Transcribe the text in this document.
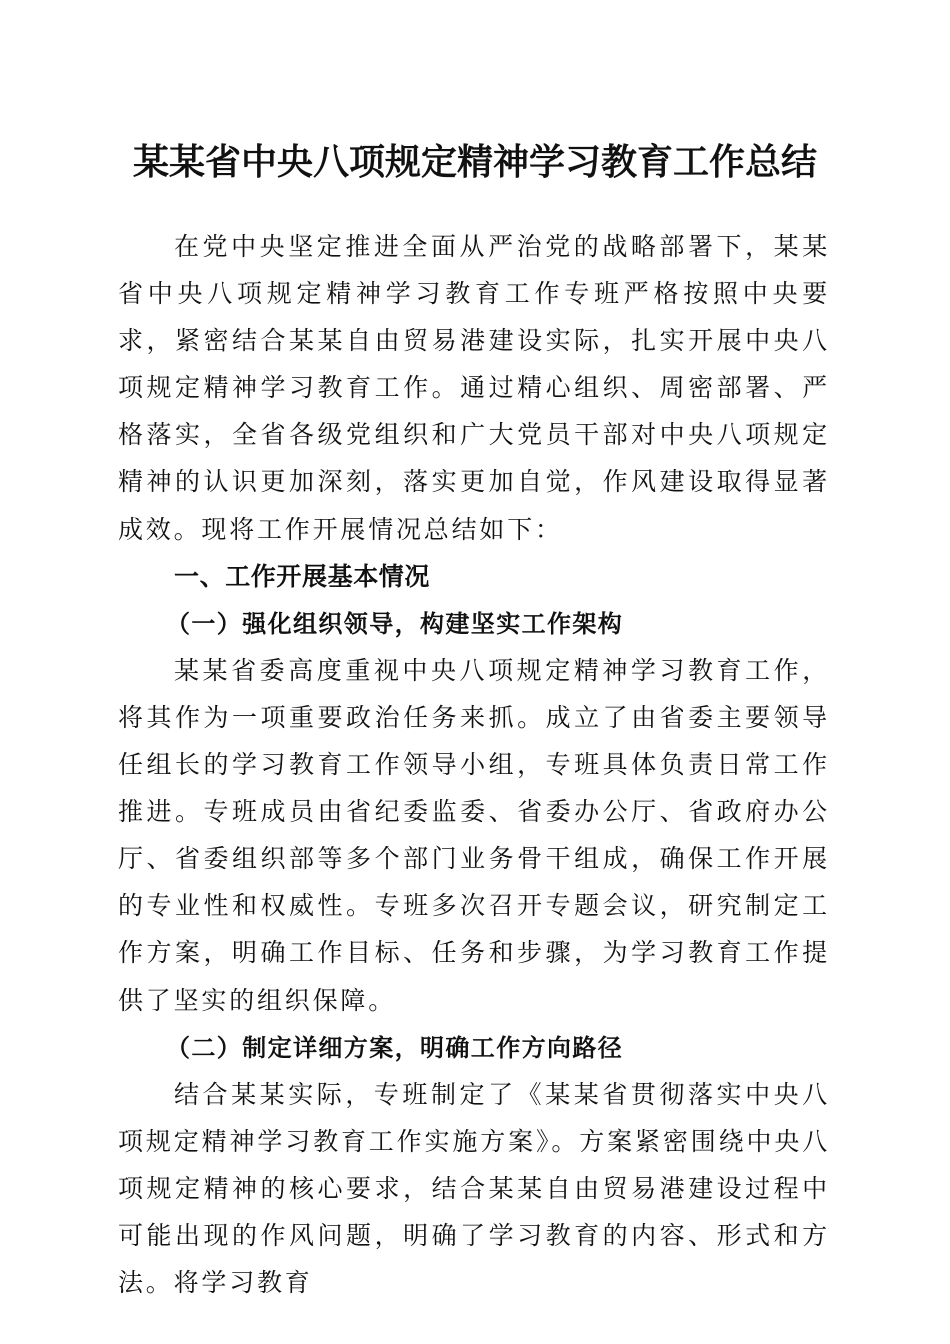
某某省中央八项规定精神学习教育工作总结

在党中央坚定推进全面从严治党的战略部署下，某某省中央八项规定精神学习教育工作专班严格按照中央要求，紧密结合某某自由贸易港建设实际，扎实开展中央八项规定精神学习教育工作。通过精心组织、周密部署、严格落实，全省各级党组织和广大党员干部对中央八项规定精神的认识更加深刻，落实更加自觉，作风建设取得显著成效。现将工作开展情况总结如下：

一、工作开展基本情况

（一）强化组织领导，构建坚实工作架构

某某省委高度重视中央八项规定精神学习教育工作，将其作为一项重要政治任务来抓。成立了由省委主要领导任组长的学习教育工作领导小组，专班具体负责日常工作推进。专班成员由省纪委监委、省委办公厅、省政府办公厅、省委组织部等多个部门业务骨干组成，确保工作开展的专业性和权威性。专班多次召开专题会议，研究制定工作方案，明确工作目标、任务和步骤，为学习教育工作提供了坚实的组织保障。

（二）制定详细方案，明确工作方向路径

结合某某实际，专班制定了《某某省贯彻落实中央八项规定精神学习教育工作实施方案》。方案紧密围绕中央八项规定精神的核心要求，结合某某自由贸易港建设过程中可能出现的作风问题，明确了学习教育的内容、形式和方法。将学习教育
